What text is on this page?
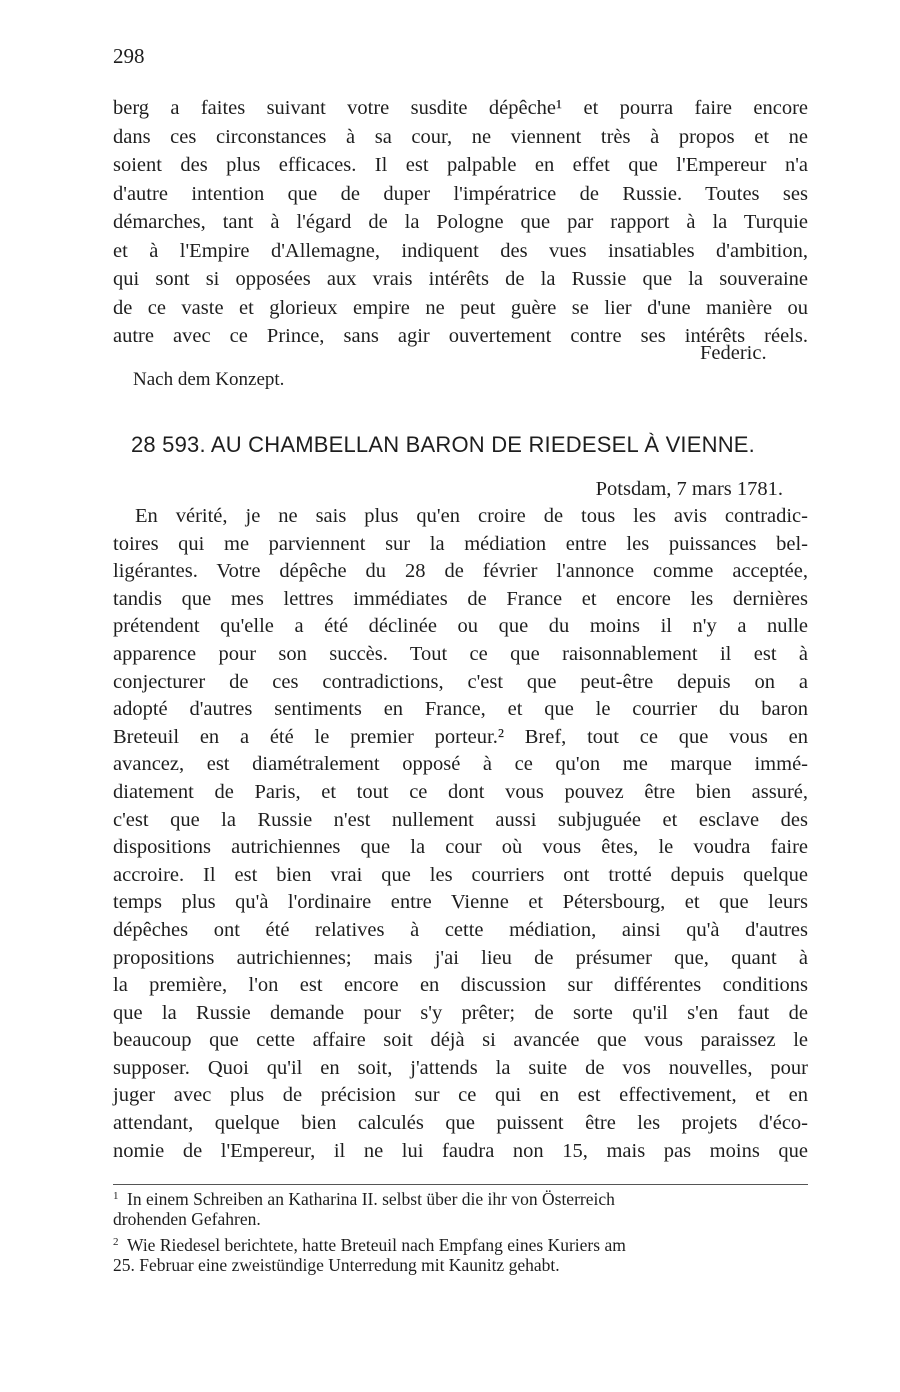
298
berg a faites suivant votre susdite dépêche¹ et pourra faire encore
dans ces circonstances à sa cour, ne viennent très à propos et ne
soient des plus efficaces. Il est palpable en effet que l'Empereur n'a
d'autre intention que de duper l'impératrice de Russie. Toutes ses
démarches, tant à l'égard de la Pologne que par rapport à la Turquie
et à l'Empire d'Allemagne, indiquent des vues insatiables d'ambition,
qui sont si opposées aux vrais intérêts de la Russie que la souveraine
de ce vaste et glorieux empire ne peut guère se lier d'une manière ou
autre avec ce Prince, sans agir ouvertement contre ses intérêts réels.
Federic.
Nach dem Konzept.
28 593. AU CHAMBELLAN BARON DE RIEDESEL À VIENNE.
Potsdam, 7 mars 1781.
En vérité, je ne sais plus qu'en croire de tous les avis contradic-
toires qui me parviennent sur la médiation entre les puissances bel-
ligérantes. Votre dépêche du 28 de février l'annonce comme acceptée,
tandis que mes lettres immédiates de France et encore les dernières
prétendent qu'elle a été déclinée ou que du moins il n'y a nulle
apparence pour son succès. Tout ce que raisonnablement il est à
conjecturer de ces contradictions, c'est que peut-être depuis on a
adopté d'autres sentiments en France, et que le courrier du baron
Breteuil en a été le premier porteur.² Bref, tout ce que vous en
avancez, est diamétralement opposé à ce qu'on me marque immé-
diatement de Paris, et tout ce dont vous pouvez être bien assuré,
c'est que la Russie n'est nullement aussi subjuguée et esclave des
dispositions autrichiennes que la cour où vous êtes, le voudra faire
accroire. Il est bien vrai que les courriers ont trotté depuis quelque
temps plus qu'à l'ordinaire entre Vienne et Pétersbourg, et que leurs
dépêches ont été relatives à cette médiation, ainsi qu'à d'autres
propositions autrichiennes; mais j'ai lieu de présumer que, quant à
la première, l'on est encore en discussion sur différentes conditions
que la Russie demande pour s'y prêter; de sorte qu'il s'en faut de
beaucoup que cette affaire soit déjà si avancée que vous paraissez le
supposer. Quoi qu'il en soit, j'attends la suite de vos nouvelles, pour
juger avec plus de précision sur ce qui en est effectivement, et en
attendant, quelque bien calculés que puissent être les projets d'éco-
nomie de l'Empereur, il ne lui faudra non 15, mais pas moins que
1 In einem Schreiben an Katharina II. selbst über die ihr von Österreich
drohenden Gefahren.
2 Wie Riedesel berichtete, hatte Breteuil nach Empfang eines Kuriers am
25. Februar eine zweistündige Unterredung mit Kaunitz gehabt.
